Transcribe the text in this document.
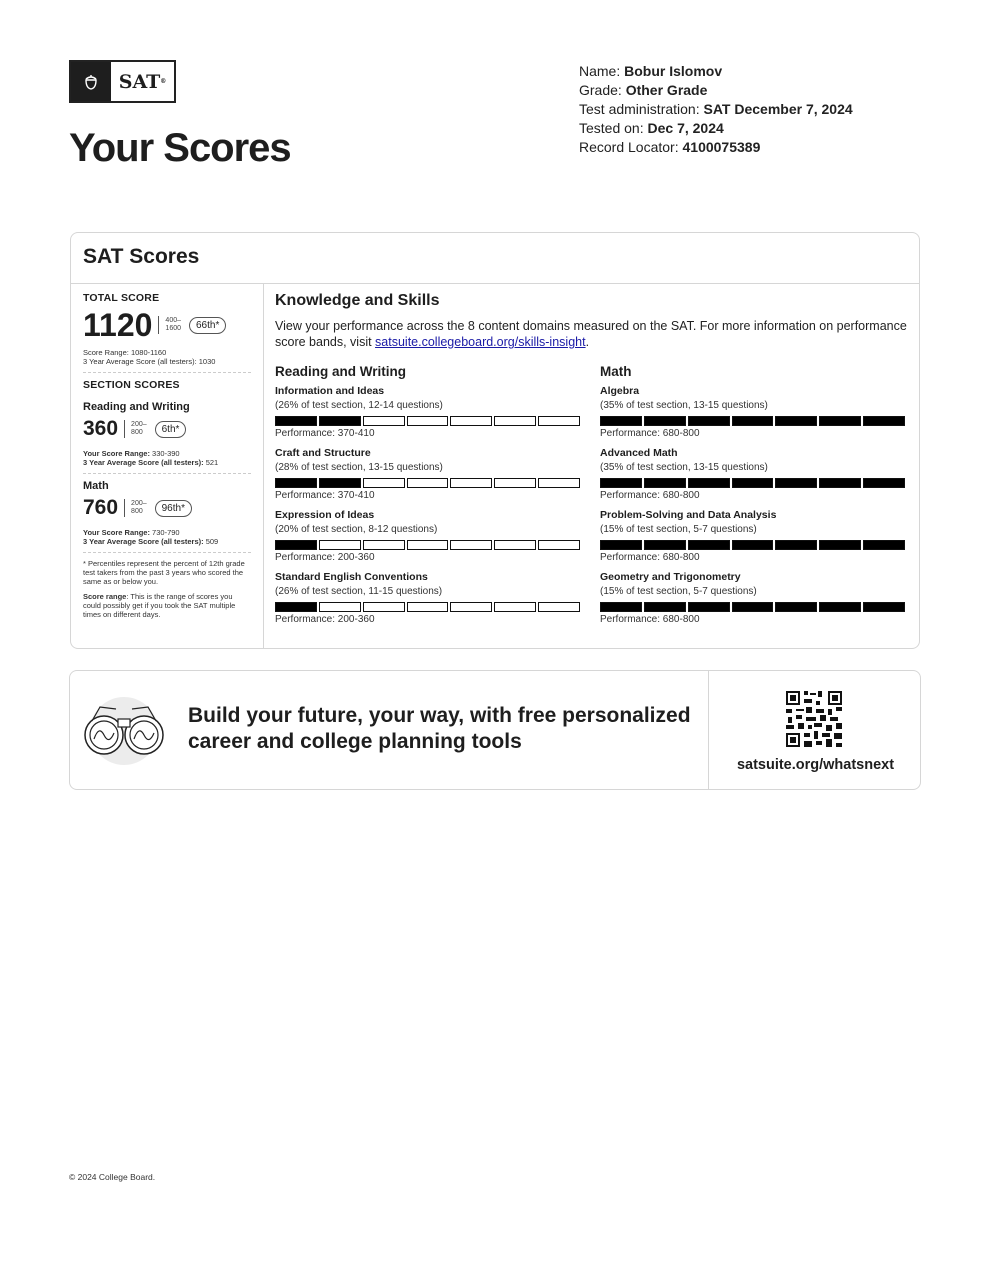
SAT ®
Your Scores
Name: Bobur Islomov
Grade: Other Grade
Test administration: SAT December 7, 2024
Tested on: Dec 7, 2024
Record Locator: 4100075389
SAT Scores
TOTAL SCORE
1120 400–
1600	66th*
Score Range: 1080-1160
3 Year Average Score (all testers): 1030
SECTION SCORES
Reading and Writing
360 200–
800	6th*
Your Score Range: 330-390
3 Year Average Score (all testers): 521
Math
760 200–
800	96th*
Your Score Range: 730-790
3 Year Average Score (all testers): 509
* Percentiles represent the percent of 12th grade test takers from the past 3 years who scored the same as or below you.
Score range: This is the range of scores you could possibly get if you took the SAT multiple times on different days.
Knowledge and Skills
View your performance across the 8 content domains measured on the SAT. For more information on performance score bands, visit satsuite.collegeboard.org/skills-insight.
Reading and Writing
Information and Ideas
(26% of test section, 12-14 questions)
Performance: 370-410
Craft and Structure
(28% of test section, 13-15 questions)
Performance: 370-410
Expression of Ideas
(20% of test section, 8-12 questions)
Performance: 200-360
Standard English Conventions
(26% of test section, 11-15 questions)
Performance: 200-360
Math
Algebra
(35% of test section, 13-15 questions)
Performance: 680-800
Advanced Math
(35% of test section, 13-15 questions)
Performance: 680-800
Problem-Solving and Data Analysis
(15% of test section, 5-7 questions)
Performance: 680-800
Geometry and Trigonometry
(15% of test section, 5-7 questions)
Performance: 680-800
Build your future, your way, with free personalized
career and college planning tools
satsuite.org/whatsnext
© 2024 College Board.
